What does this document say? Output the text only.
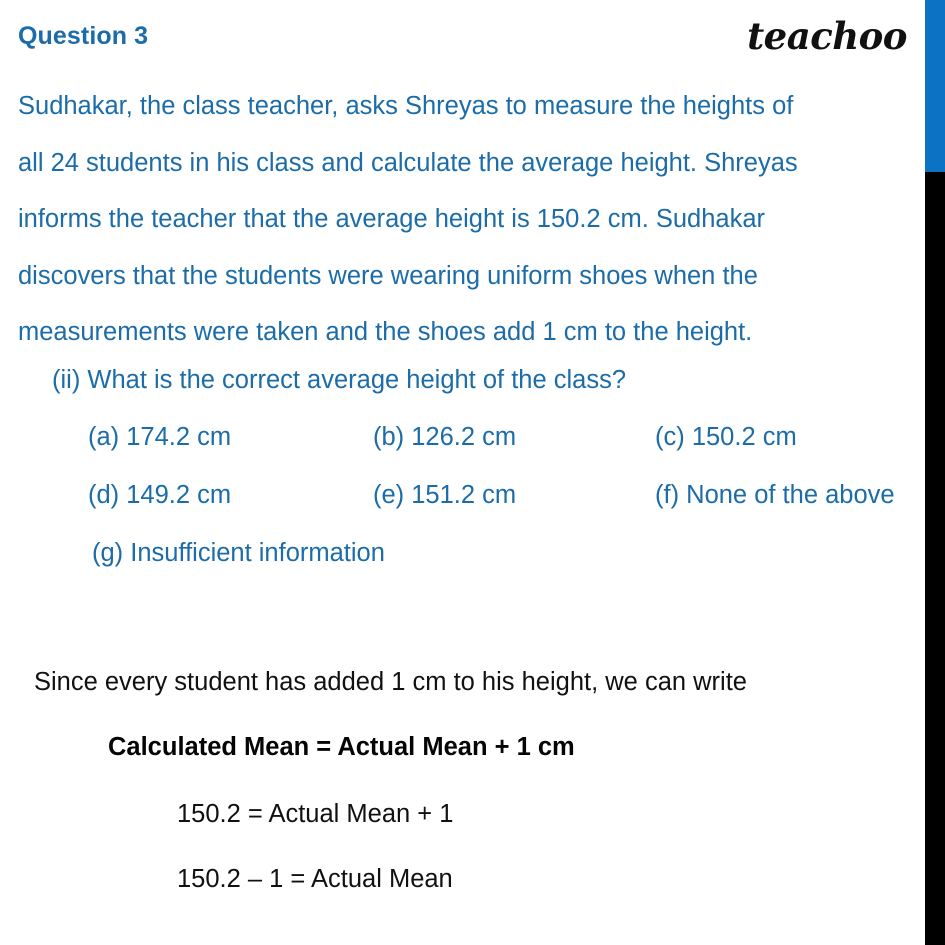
Question 3	teachoo
Sudhakar, the class teacher, asks Shreyas to measure the heights of
all 24 students in his class and calculate the average height. Shreyas
informs the teacher that the average height is 150.2 cm. Sudhakar
discovers that the students were wearing uniform shoes when the
measurements were taken and the shoes add 1 cm to the height.
(ii) What is the correct average height of the class?
(a) 174.2 cm	(b) 126.2 cm	(c) 150.2 cm
(d) 149.2 cm	(e) 151.2 cm	(f) None of the above
(g) Insufficient information
Since every student has added 1 cm to his height, we can write
Calculated Mean = Actual Mean + 1 cm
150.2 = Actual Mean + 1
150.2 – 1 = Actual Mean
